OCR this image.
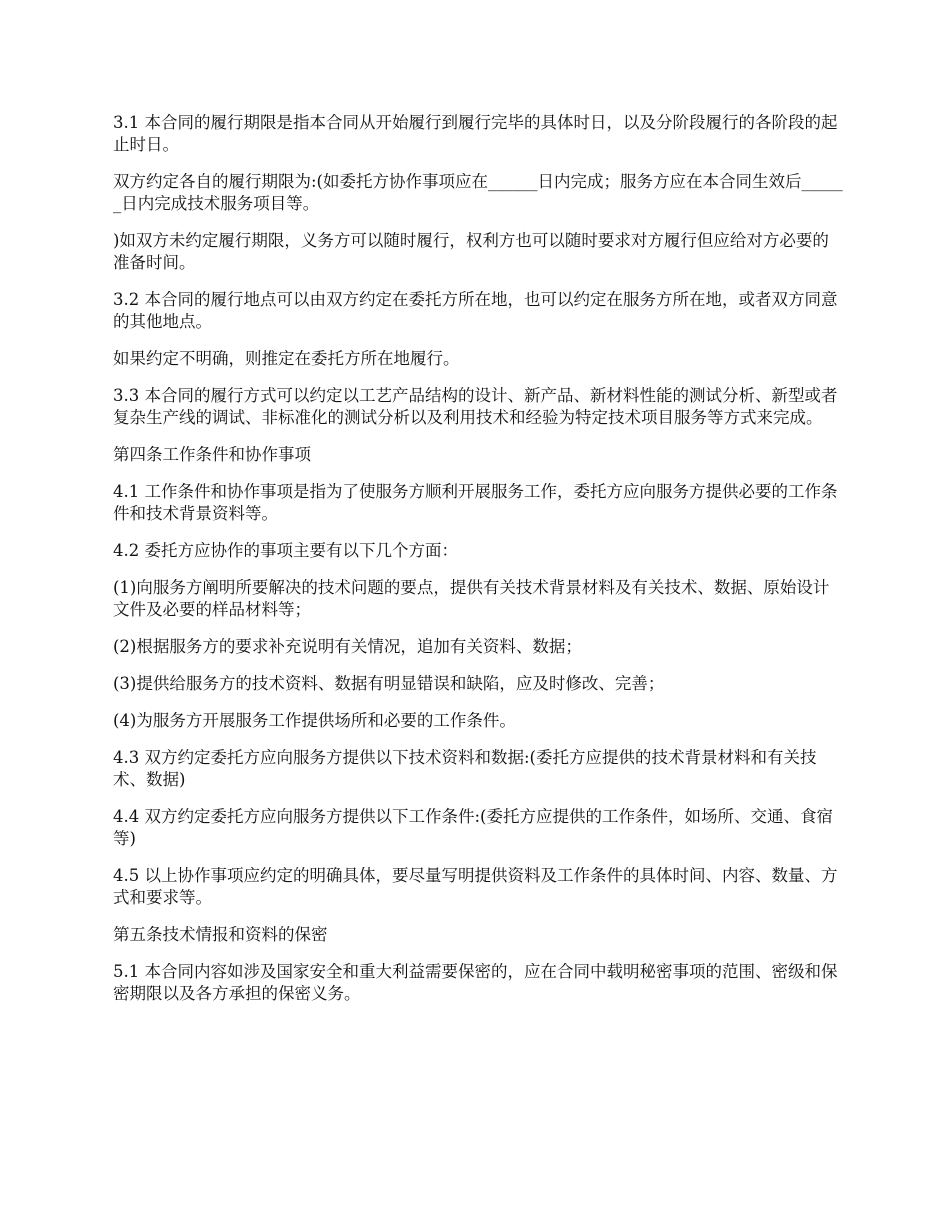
3.1 本合同的履行期限是指本合同从开始履行到履行完毕的具体时日，以及分阶段履行的各阶段的起止时日。

双方约定各自的履行期限为:(如委托方协作事项应在______日内完成；服务方应在本合同生效后______日内完成技术服务项目等。

)如双方未约定履行期限，义务方可以随时履行，权利方也可以随时要求对方履行但应给对方必要的准备时间。

3.2 本合同的履行地点可以由双方约定在委托方所在地，也可以约定在服务方所在地，或者双方同意的其他地点。

如果约定不明确，则推定在委托方所在地履行。

3.3 本合同的履行方式可以约定以工艺产品结构的设计、新产品、新材料性能的测试分析、新型或者复杂生产线的调试、非标准化的测试分析以及利用技术和经验为特定技术项目服务等方式来完成。

第四条工作条件和协作事项

4.1 工作条件和协作事项是指为了使服务方顺利开展服务工作，委托方应向服务方提供必要的工作条件和技术背景资料等。

4.2 委托方应协作的事项主要有以下几个方面：

(1)向服务方阐明所要解决的技术问题的要点，提供有关技术背景材料及有关技术、数据、原始设计文件及必要的样品材料等；

(2)根据服务方的要求补充说明有关情况，追加有关资料、数据；

(3)提供给服务方的技术资料、数据有明显错误和缺陷，应及时修改、完善；

(4)为服务方开展服务工作提供场所和必要的工作条件。

4.3 双方约定委托方应向服务方提供以下技术资料和数据:(委托方应提供的技术背景材料和有关技术、数据)

4.4 双方约定委托方应向服务方提供以下工作条件:(委托方应提供的工作条件，如场所、交通、食宿等)

4.5 以上协作事项应约定的明确具体，要尽量写明提供资料及工作条件的具体时间、内容、数量、方式和要求等。

第五条技术情报和资料的保密

5.1 本合同内容如涉及国家安全和重大利益需要保密的，应在合同中载明秘密事项的范围、密级和保密期限以及各方承担的保密义务。
